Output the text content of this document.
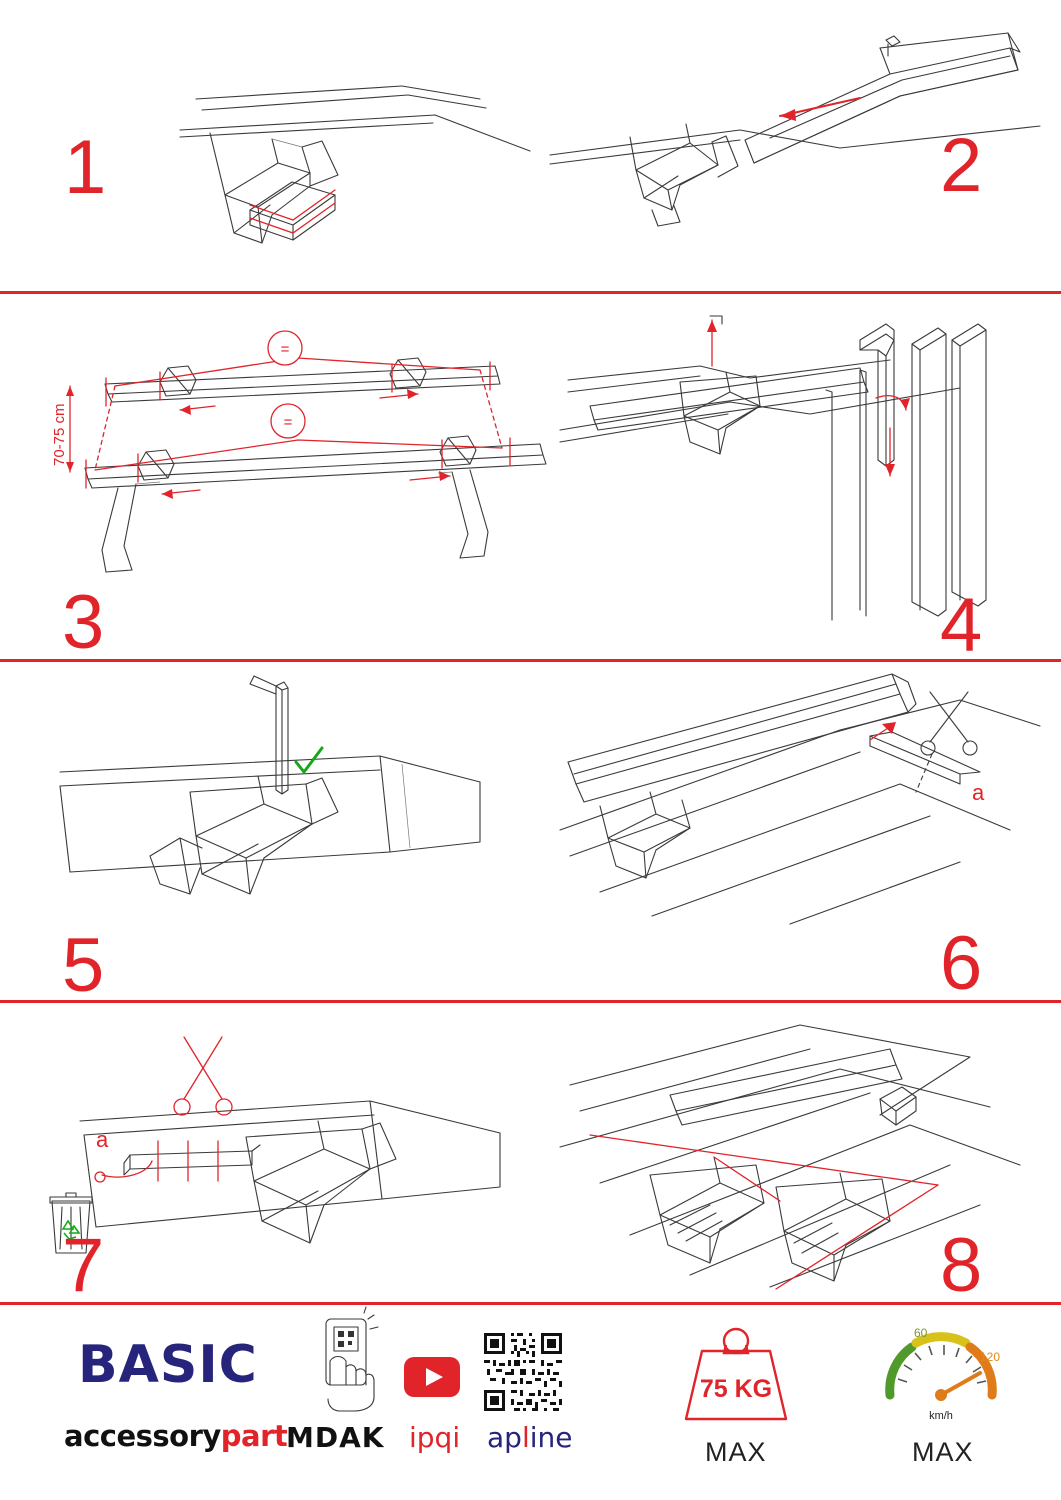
1	2
=
=
70-75 cm
3	4
5
a
6
a
7	8
BASIC
accessorypart
MDAK ipqi apline
75 KG
MAX
60
120
km/h
MAX
